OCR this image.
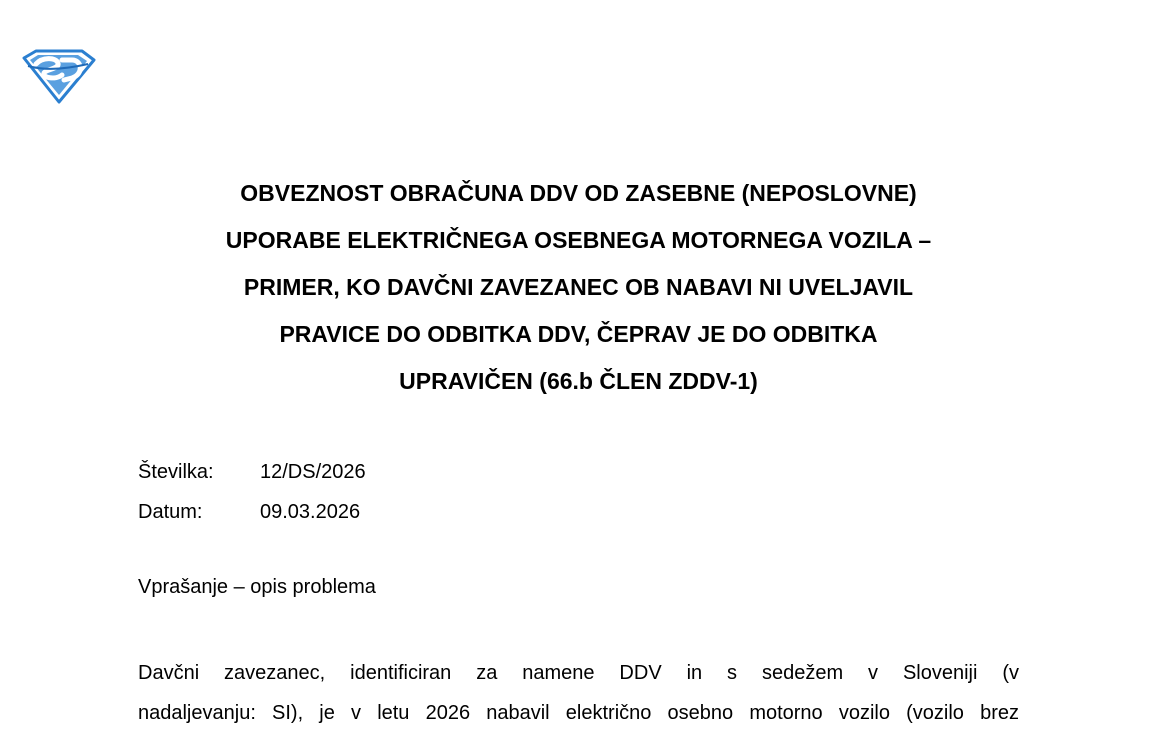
OBVEZNOST OBRAČUNA DDV OD ZASEBNE (NEPOSLOVNE)
UPORABE ELEKTRIČNEGA OSEBNEGA MOTORNEGA VOZILA –
PRIMER, KO DAVČNI ZAVEZANEC OB NABAVI NI UVELJAVIL
PRAVICE DO ODBITKA DDV, ČEPRAV JE DO ODBITKA
UPRAVIČEN (66.b ČLEN ZDDV-1)
Številka:	12/DS/2026
Datum:	09.03.2026
Vprašanje – opis problema
Davčni zavezanec, identificiran za namene DDV in s sedežem v Sloveniji (v
nadaljevanju: SI), je v letu 2026 nabavil električno osebno motorno vozilo (vozilo brez
